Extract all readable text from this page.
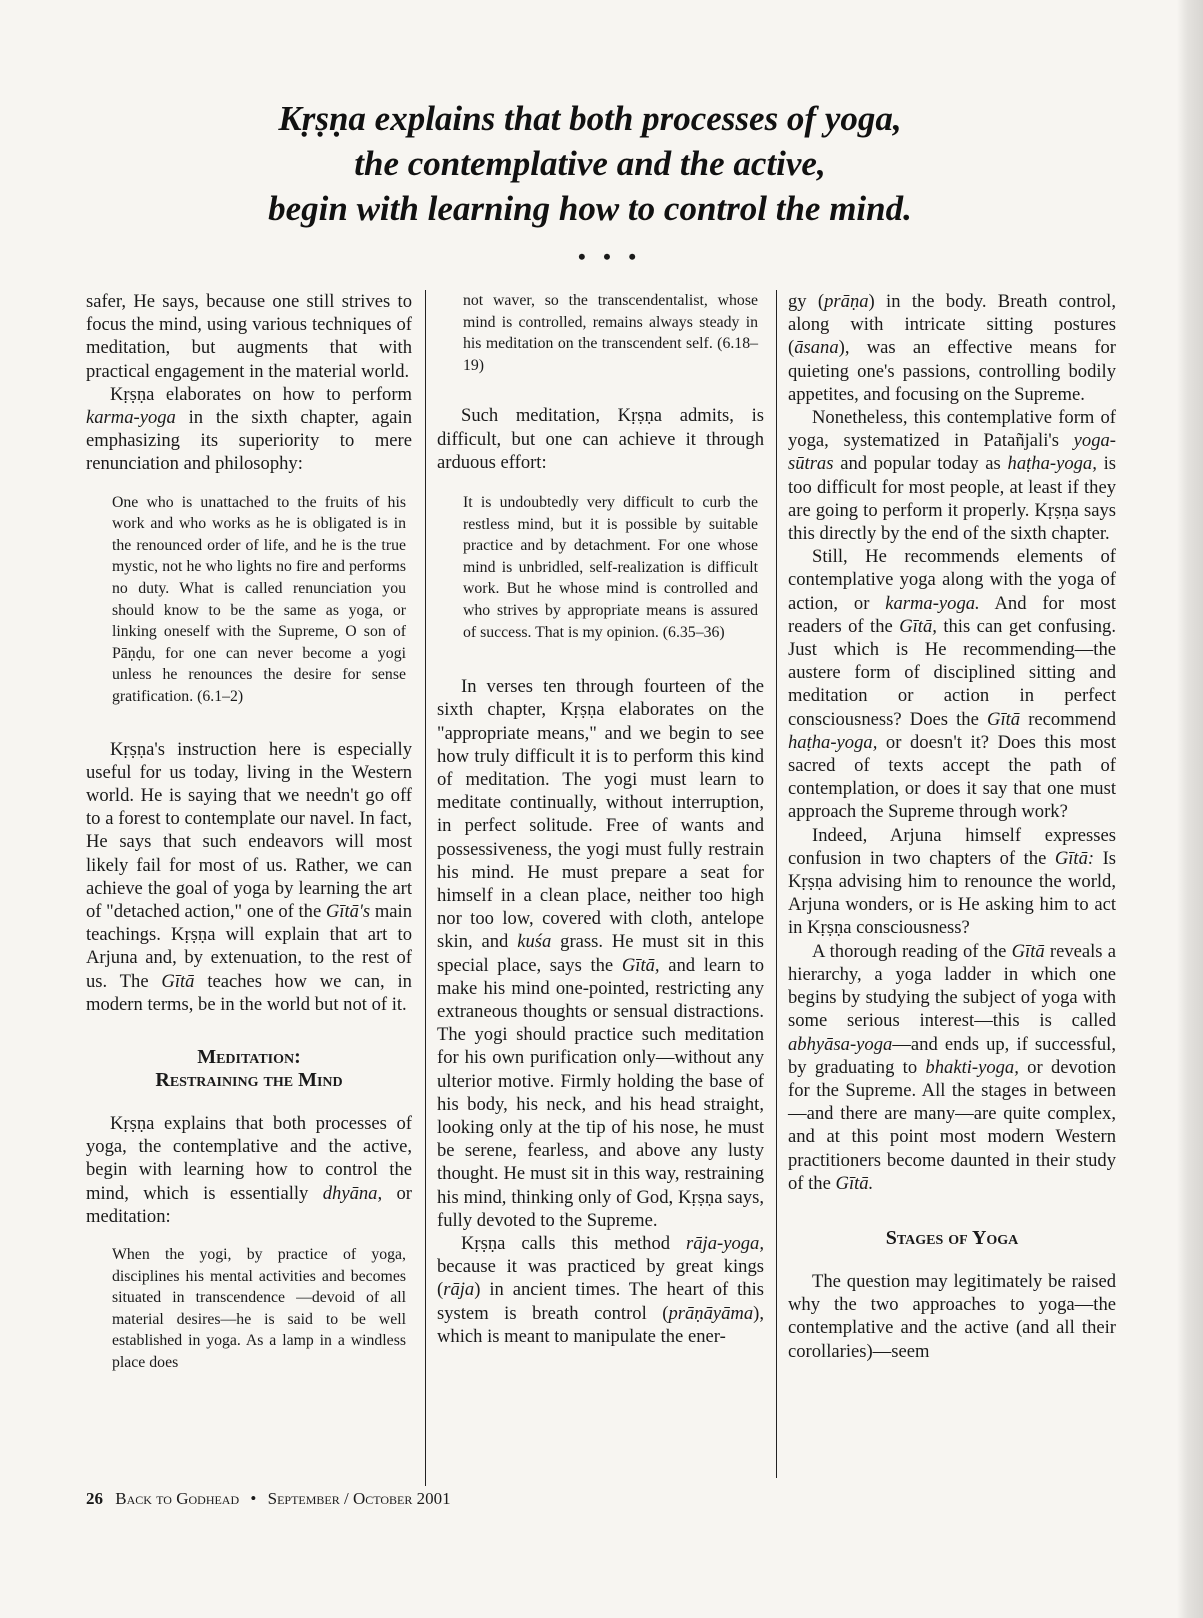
Kṛṣṇa explains that both processes of yoga,
the contemplative and the active,
begin with learning how to control the mind.
• • •

safer, He says, because one still strives to focus the mind, using various techniques of meditation, but augments that with practical engagement in the material world.

Kṛṣṇa elaborates on how to perform karma-yoga in the sixth chapter, again emphasizing its superiority to mere renunciation and philosophy:

One who is unattached to the fruits of his work and who works as he is obligated is in the renounced order of life, and he is the true mystic, not he who lights no fire and performs no duty. What is called renunciation you should know to be the same as yoga, or linking oneself with the Supreme, O son of Pāṇḍu, for one can never become a yogi unless he renounces the desire for sense gratification. (6.1–2)

Kṛṣṇa's instruction here is especially useful for us today, living in the Western world. He is saying that we needn't go off to a forest to contemplate our navel. In fact, He says that such endeavors will most likely fail for most of us. Rather, we can achieve the goal of yoga by learning the art of "detached action," one of the Gītā's main teachings. Kṛṣṇa will explain that art to Arjuna and, by extenuation, to the rest of us. The Gītā teaches how we can, in modern terms, be in the world but not of it.

Meditation:
Restraining the Mind

Kṛṣṇa explains that both processes of yoga, the contemplative and the active, begin with learning how to control the mind, which is essentially dhyāna, or meditation:

When the yogi, by practice of yoga, disciplines his mental activities and becomes situated in transcendence —devoid of all material desires—he is said to be well established in yoga. As a lamp in a windless place does
not waver, so the transcendentalist, whose mind is controlled, remains always steady in his meditation on the transcendent self. (6.18–19)

Such meditation, Kṛṣṇa admits, is difficult, but one can achieve it through arduous effort:

It is undoubtedly very difficult to curb the restless mind, but it is possible by suitable practice and by detachment. For one whose mind is unbridled, self-realization is difficult work. But he whose mind is controlled and who strives by appropriate means is assured of success. That is my opinion. (6.35–36)

In verses ten through fourteen of the sixth chapter, Kṛṣṇa elaborates on the "appropriate means," and we begin to see how truly difficult it is to perform this kind of meditation. The yogi must learn to meditate continually, without interruption, in perfect solitude. Free of wants and possessiveness, the yogi must fully restrain his mind. He must prepare a seat for himself in a clean place, neither too high nor too low, covered with cloth, antelope skin, and kuśa grass. He must sit in this special place, says the Gītā, and learn to make his mind one-pointed, restricting any extraneous thoughts or sensual distractions. The yogi should practice such meditation for his own purification only—without any ulterior motive. Firmly holding the base of his body, his neck, and his head straight, looking only at the tip of his nose, he must be serene, fearless, and above any lusty thought. He must sit in this way, restraining his mind, thinking only of God, Kṛṣṇa says, fully devoted to the Supreme.

Kṛṣṇa calls this method rāja-yoga, because it was practiced by great kings (rāja) in ancient times. The heart of this system is breath control (prāṇāyāma), which is meant to manipulate the ener-

gy (prāṇa) in the body. Breath control, along with intricate sitting postures (āsana), was an effective means for quieting one's passions, controlling bodily appetites, and focusing on the Supreme.

Nonetheless, this contemplative form of yoga, systematized in Patañjali's yoga-sūtras and popular today as haṭha-yoga, is too difficult for most people, at least if they are going to perform it properly. Kṛṣṇa says this directly by the end of the sixth chapter.

Still, He recommends elements of contemplative yoga along with the yoga of action, or karma-yoga. And for most readers of the Gītā, this can get confusing. Just which is He recommending—the austere form of disciplined sitting and meditation or action in perfect consciousness? Does the Gītā recommend haṭha-yoga, or doesn't it? Does this most sacred of texts accept the path of contemplation, or does it say that one must approach the Supreme through work?

Indeed, Arjuna himself expresses confusion in two chapters of the Gītā: Is Kṛṣṇa advising him to renounce the world, Arjuna wonders, or is He asking him to act in Kṛṣṇa consciousness?

A thorough reading of the Gītā reveals a hierarchy, a yoga ladder in which one begins by studying the subject of yoga with some serious interest—this is called abhyāsa-yoga—and ends up, if successful, by graduating to bhakti-yoga, or devotion for the Supreme. All the stages in between—and there are many—are quite complex, and at this point most modern Western practitioners become daunted in their study of the Gītā.

Stages of Yoga

The question may legitimately be raised why the two approaches to yoga—the contemplative and the active (and all their corollaries)—seem

26 Back to Godhead • September / October 2001
